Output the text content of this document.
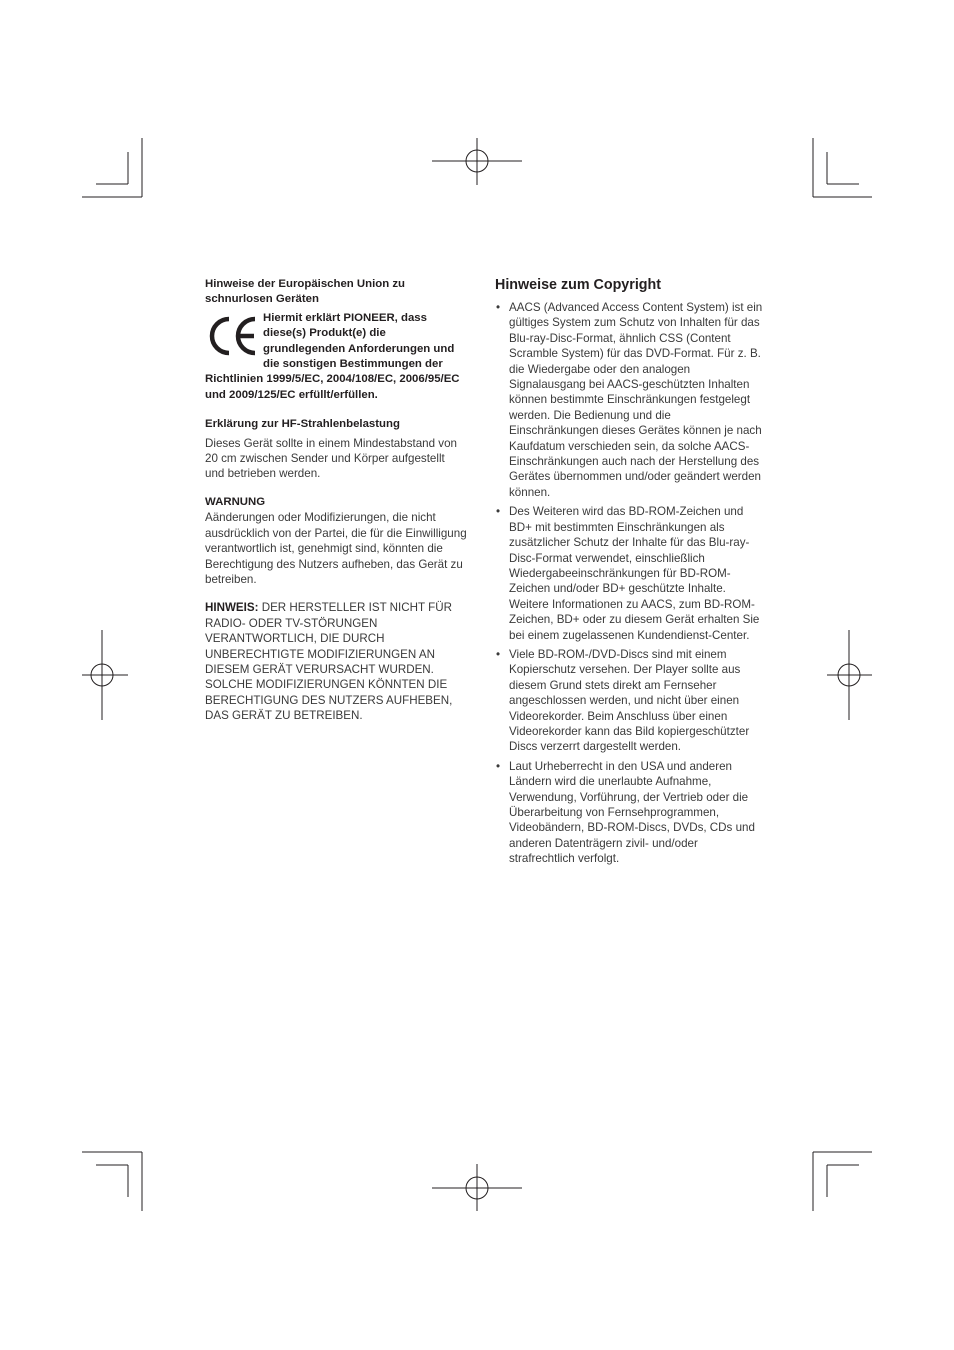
Hinweise der Europäischen Union zu schnurlosen Geräten

Hiermit erklärt PIONEER, dass diese(s) Produkt(e) die grundlegenden Anforderungen und die sonstigen Bestimmungen der Richtlinien 1999/5/EC, 2004/108/EC, 2006/95/EC und 2009/125/EC erfüllt/erfüllen.

Erklärung zur HF-Strahlenbelastung

Dieses Gerät sollte in einem Mindestabstand von 20 cm zwischen Sender und Körper aufgestellt und betrieben werden.

WARNUNG

Aänderungen oder Modifizierungen, die nicht ausdrücklich von der Partei, die für die Einwilligung verantwortlich ist, genehmigt sind, könnten die Berechtigung des Nutzers aufheben, das Gerät zu betreiben.

HINWEIS: DER HERSTELLER IST NICHT FÜR RADIO- ODER TV-STÖRUNGEN VERANTWORTLICH, DIE DURCH UNBERECHTIGTE MODIFIZIERUNGEN AN DIESEM GERÄT VERURSACHT WURDEN. SOLCHE MODIFIZIERUNGEN KÖNNTEN DIE BERECHTIGUNG DES NUTZERS AUFHEBEN, DAS GERÄT ZU BETREIBEN.

Hinweise zum Copyright
• AACS (Advanced Access Content System) ist ein gültiges System zum Schutz von Inhalten für das Blu-ray-Disc-Format, ähnlich CSS (Content Scramble System) für das DVD-Format. Für z. B. die Wiedergabe oder den analogen Signalausgang bei AACS-geschützten Inhalten können bestimmte Einschränkungen festgelegt werden. Die Bedienung und die Einschränkungen dieses Gerätes können je nach Kaufdatum verschieden sein, da solche AACS-Einschränkungen auch nach der Herstellung des Gerätes übernommen und/oder geändert werden können.
• Des Weiteren wird das BD-ROM-Zeichen und BD+ mit bestimmten Einschränkungen als zusätzlicher Schutz der Inhalte für das Blu-ray-Disc-Format verwendet, einschließlich Wiedergabeeinschränkungen für BD-ROM-Zeichen und/oder BD+ geschützte Inhalte. Weitere Informationen zu AACS, zum BD-ROM-Zeichen, BD+ oder zu diesem Gerät erhalten Sie bei einem zugelassenen Kundendienst-Center.
• Viele BD-ROM-/DVD-Discs sind mit einem Kopierschutz versehen. Der Player sollte aus diesem Grund stets direkt am Fernseher angeschlossen werden, und nicht über einen Videorekorder. Beim Anschluss über einen Videorekorder kann das Bild kopiergeschützter Discs verzerrt dargestellt werden.
• Laut Urheberrecht in den USA und anderen Ländern wird die unerlaubte Aufnahme, Verwendung, Vorführung, der Vertrieb oder die Überarbeitung von Fernsehprogrammen, Videobändern, BD-ROM-Discs, DVDs, CDs und anderen Datenträgern zivil- und/oder strafrechtlich verfolgt.
